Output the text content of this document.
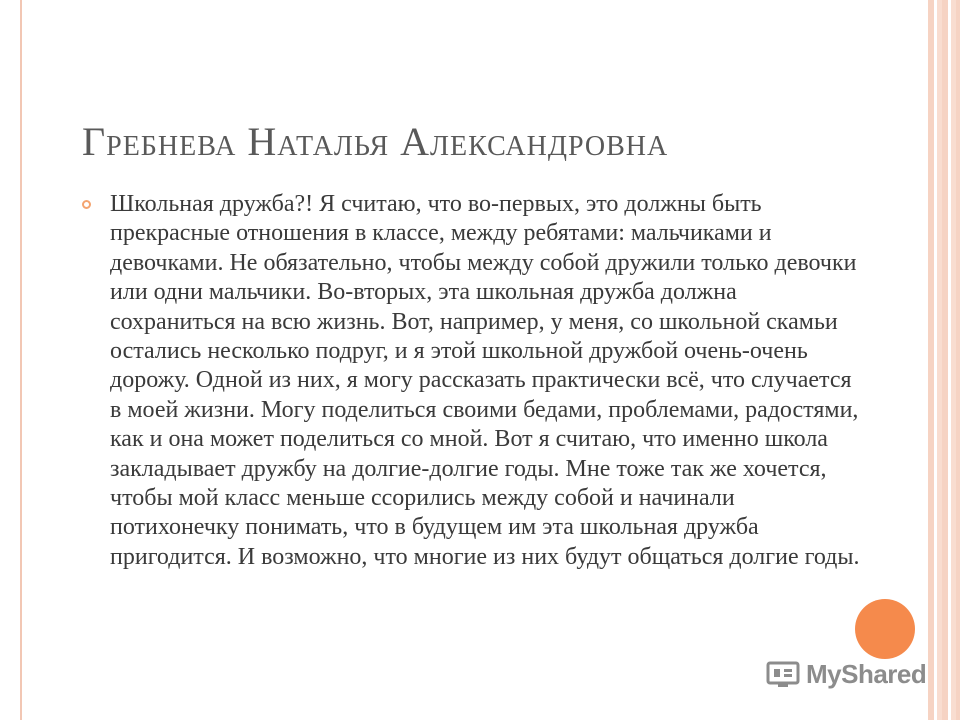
Гребнева Наталья Александровна

Школьная дружба?! Я считаю, что во-первых, это должны быть прекрасные отношения в классе, между ребятами: мальчиками и девочками. Не обязательно, чтобы между собой дружили только девочки или одни мальчики. Во-вторых, эта школьная дружба должна сохраниться на всю жизнь. Вот, например, у меня, со школьной скамьи остались несколько подруг, и я этой школьной дружбой очень-очень дорожу. Одной из них, я могу рассказать практически всё, что случается в моей жизни. Могу поделиться своими бедами, проблемами, радостями, как и она может поделиться со мной. Вот я считаю, что именно школа закладывает дружбу на долгие-долгие годы. Мне тоже так же хочется, чтобы мой класс меньше ссорились между собой и начинали потихонечку понимать, что в будущем им эта школьная дружба пригодится. И возможно, что многие из них будут общаться долгие годы.

MyShared
